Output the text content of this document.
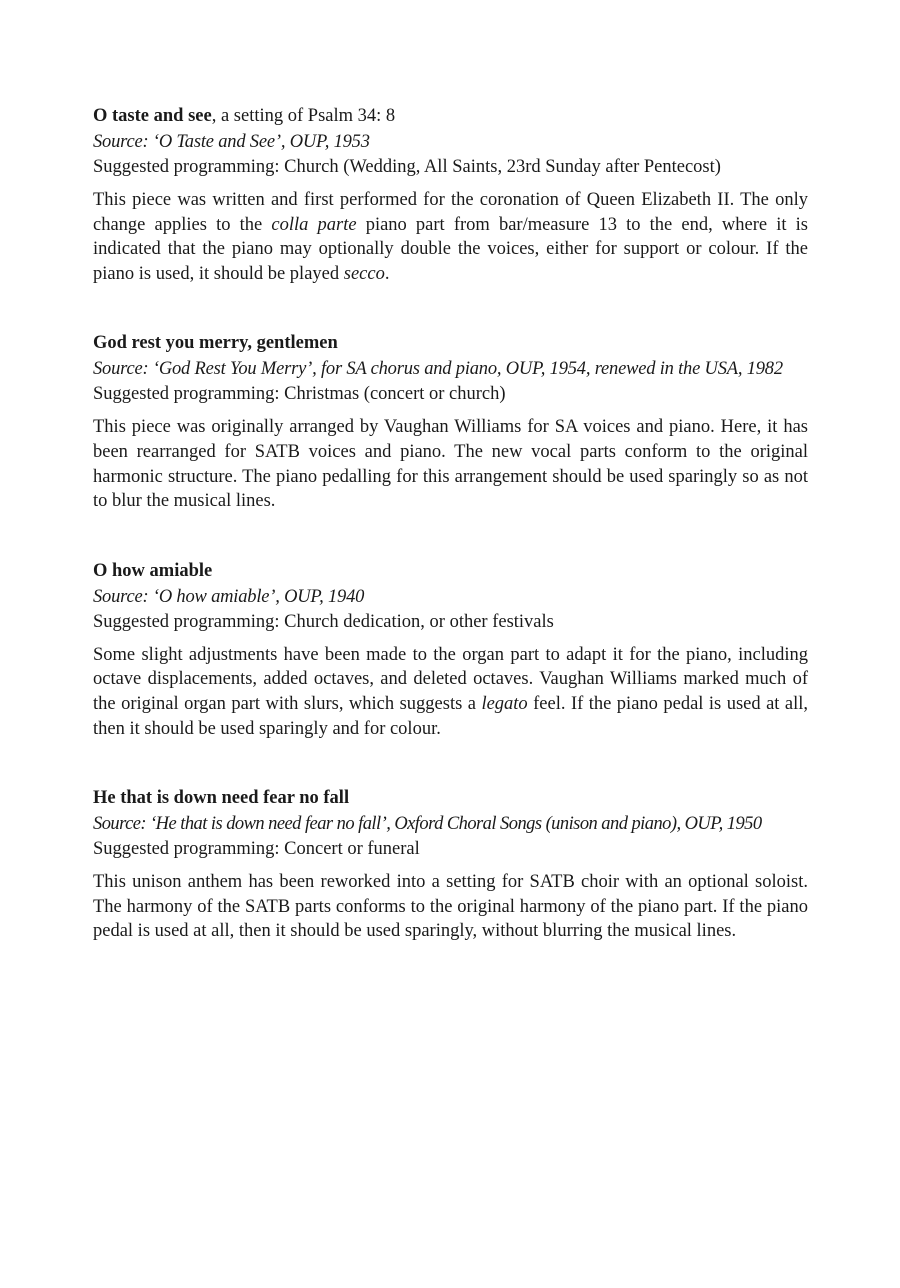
O taste and see, a setting of Psalm 34: 8

Source: ‘O Taste and See’, OUP, 1953

Suggested programming: Church (Wedding, All Saints, 23rd Sunday after Pentecost)

This piece was written and first performed for the coronation of Queen Elizabeth II. The only change applies to the colla parte piano part from bar/measure 13 to the end, where it is indicated that the piano may optionally double the voices, either for support or colour. If the piano is used, it should be played secco.

God rest you merry, gentlemen

Source: ‘God Rest You Merry’, for SA chorus and piano, OUP, 1954, renewed in the USA, 1982

Suggested programming: Christmas (concert or church)

This piece was originally arranged by Vaughan Williams for SA voices and piano. Here, it has been rearranged for SATB voices and piano. The new vocal parts conform to the original harmonic structure. The piano pedalling for this arrangement should be used sparingly so as not to blur the musical lines.

O how amiable

Source: ‘O how amiable’, OUP, 1940

Suggested programming: Church dedication, or other festivals

Some slight adjustments have been made to the organ part to adapt it for the piano, including octave displacements, added octaves, and deleted octaves. Vaughan Williams marked much of the original organ part with slurs, which suggests a legato feel. If the piano pedal is used at all, then it should be used sparingly and for colour.

He that is down need fear no fall

Source: ‘He that is down need fear no fall’, Oxford Choral Songs (unison and piano), OUP, 1950

Suggested programming: Concert or funeral

This unison anthem has been reworked into a setting for SATB choir with an optional soloist. The harmony of the SATB parts conforms to the original harmony of the piano part. If the piano pedal is used at all, then it should be used sparingly, without blurring the musical lines.
